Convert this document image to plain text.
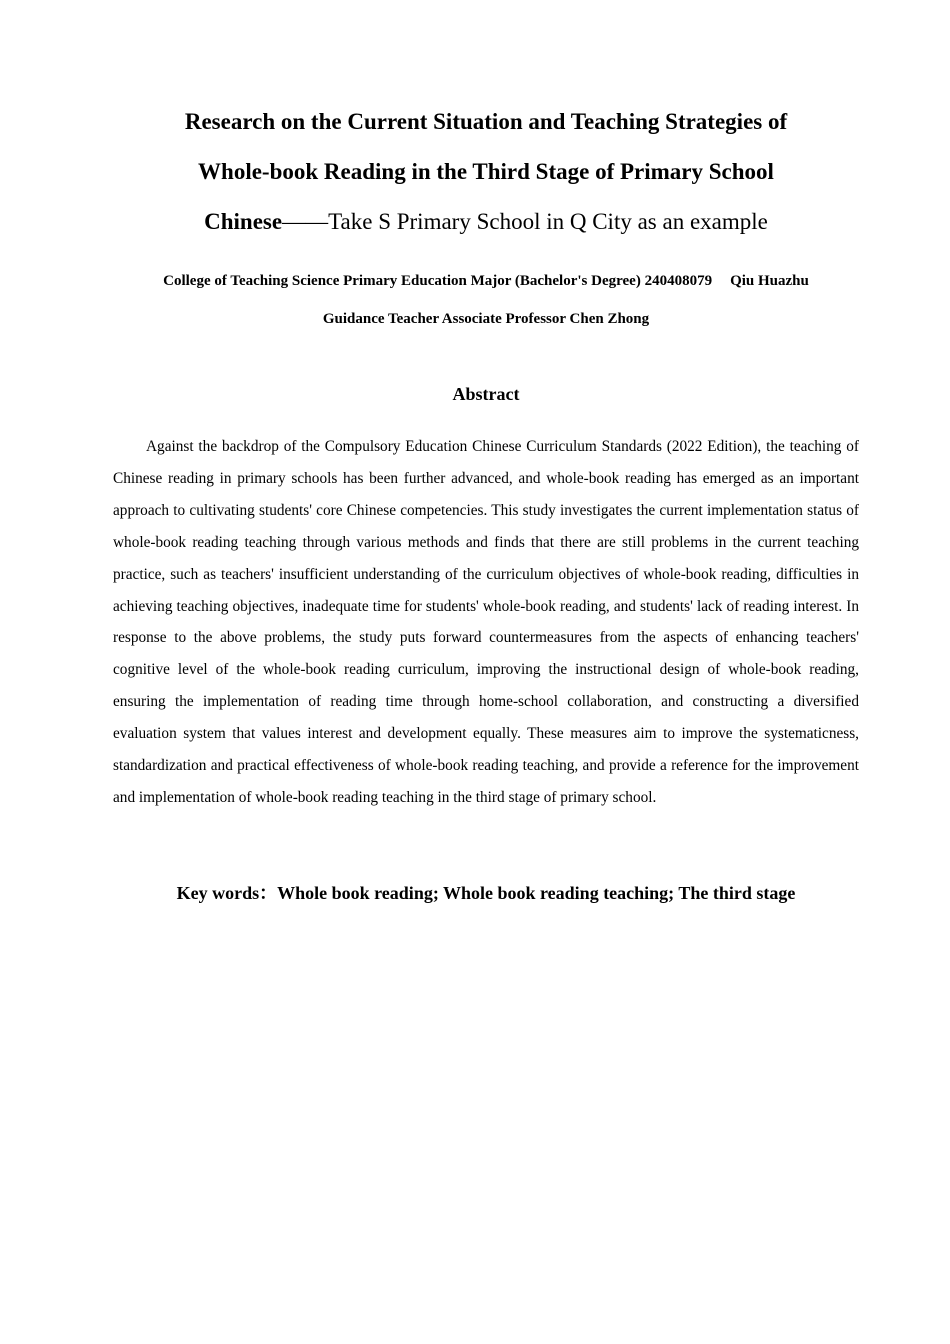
Research on the Current Situation and Teaching Strategies of
Whole-book Reading in the Third Stage of Primary School
Chinese——Take S Primary School in Q City as an example
College of Teaching Science Primary Education Major (Bachelor's Degree) 240408079 Qiu Huazhu
Guidance Teacher Associate Professor Chen Zhong
Abstract
Against the backdrop of the Compulsory Education Chinese Curriculum Standards (2022 Edition), the teaching of Chinese reading in primary schools has been further advanced, and whole-book reading has emerged as an important approach to cultivating students' core Chinese competencies. This study investigates the current implementation status of whole-book reading teaching through various methods and finds that there are still problems in the current teaching practice, such as teachers' insufficient understanding of the curriculum objectives of whole-book reading, difficulties in achieving teaching objectives, inadequate time for students' whole-book reading, and students' lack of reading interest. In response to the above problems, the study puts forward countermeasures from the aspects of enhancing teachers' cognitive level of the whole-book reading curriculum, improving the instructional design of whole-book reading, ensuring the implementation of reading time through home-school collaboration, and constructing a diversified evaluation system that values interest and development equally. These measures aim to improve the systematicness, standardization and practical effectiveness of whole-book reading teaching, and provide a reference for the improvement and implementation of whole-book reading teaching in the third stage of primary school.
Key words：Whole book reading; Whole book reading teaching; The third stage
